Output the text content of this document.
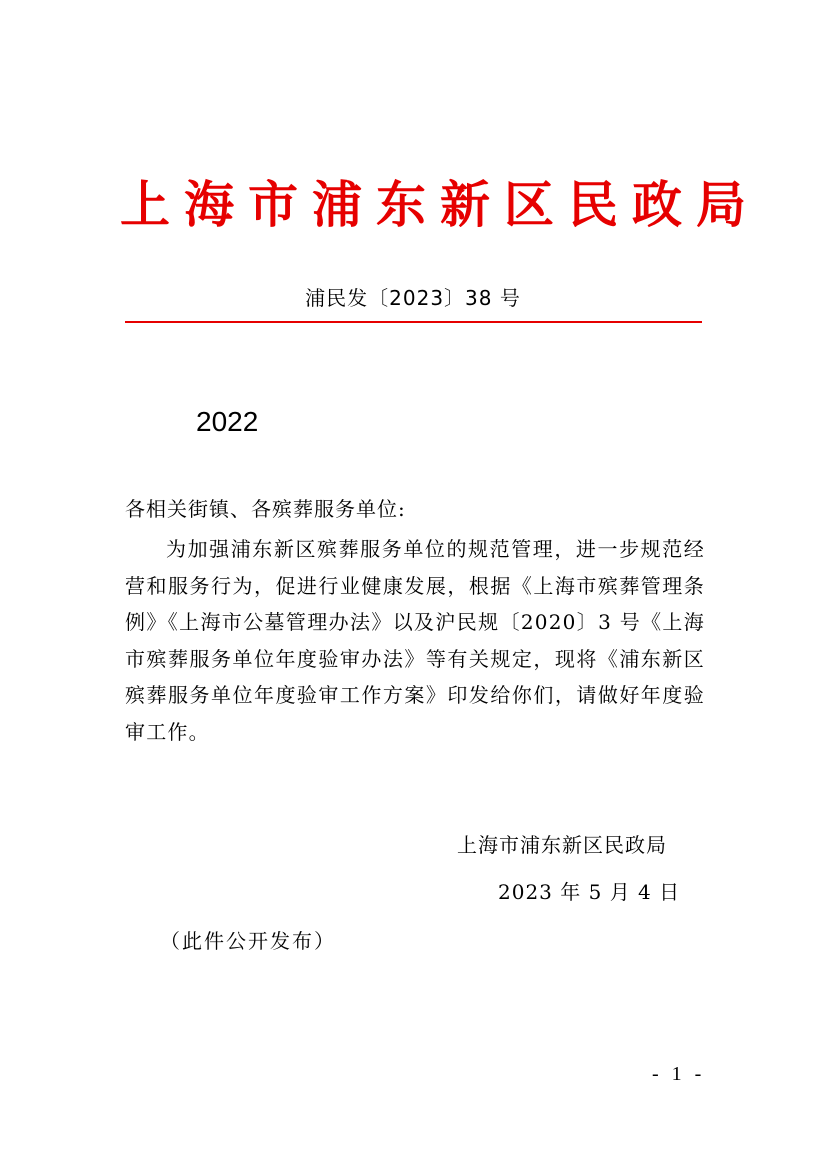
上海市浦东新区民政局
浦民发〔2023〕38 号
2022
各相关街镇、各殡葬服务单位:
为加强浦东新区殡葬服务单位的规范管理，进一步规范经营和服务行为，促进行业健康发展，根据《上海市殡葬管理条例》《上海市公墓管理办法》以及沪民规〔2020〕3 号《上海市殡葬服务单位年度验审办法》等有关规定，现将《浦东新区殡葬服务单位年度验审工作方案》印发给你们，请做好年度验审工作。
上海市浦东新区民政局
2023 年 5 月 4 日
（此件公开发布）
- 1 -
